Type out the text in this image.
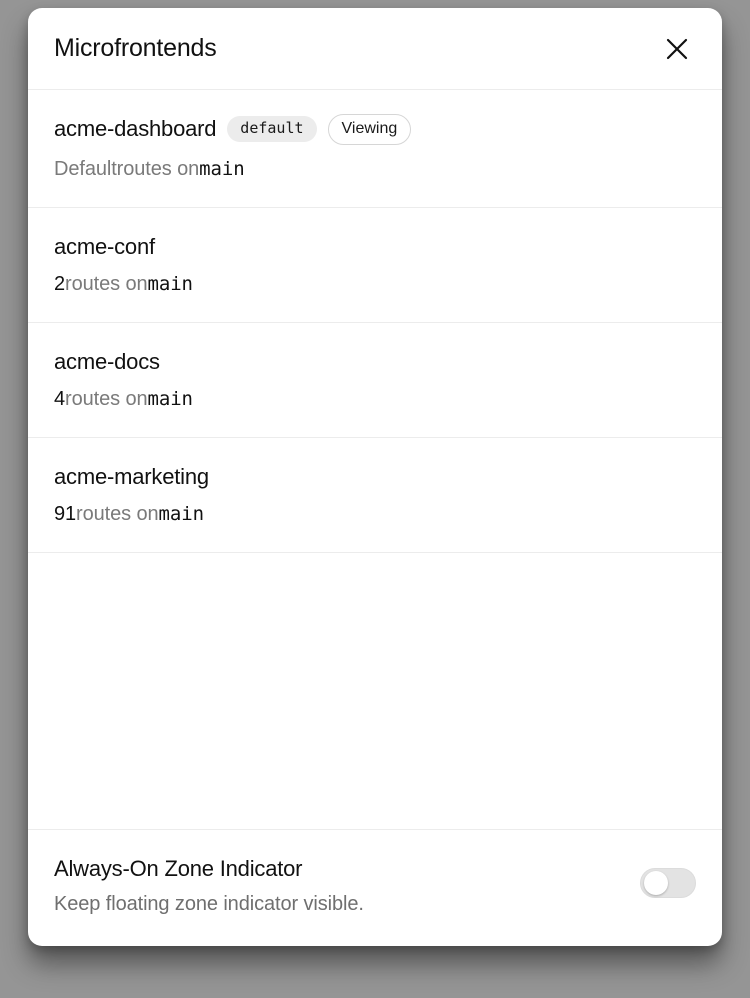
Microfrontends
acme-dashboard	default	Viewing
Default routes on main
acme-conf
2 routes on main
acme-docs
4 routes on main
acme-marketing
91 routes on main
Always-On Zone Indicator
Keep floating zone indicator visible.
